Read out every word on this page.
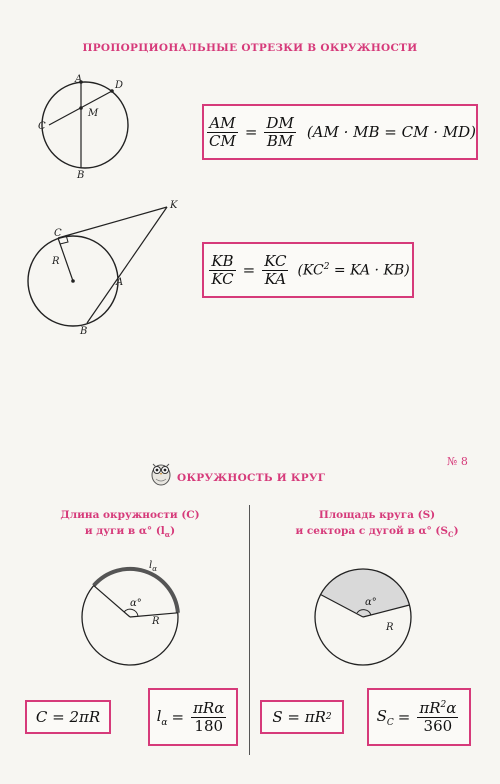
ПРОПОРЦИОНАЛЬНЫЕ ОТРЕЗКИ В ОКРУЖНОСТИ
A
D
M
C
B
$\frac{AM}{CM} = \frac{DM}{BM} (AM$ · MB = CM · MD)
K
C
R
A
B
$\frac{KB}{KC} = \frac{KC}{KA} (KC^2$ = KA · KB)
№ 8
ОКРУЖНОСТЬ И КРУГ
Длина окружности (C)
и дуги в α° $(l_\alpha)$
Площадь круга (S)
и сектора с дугой в α° $(S_C)$
$l_\alpha$
α°
R
α°
R
C = 2πR	$l_\alpha = \frac{\text{πRα}}{180}$	S = πR 2	$S_C = \frac{\pi R^2\alpha}{360}$
